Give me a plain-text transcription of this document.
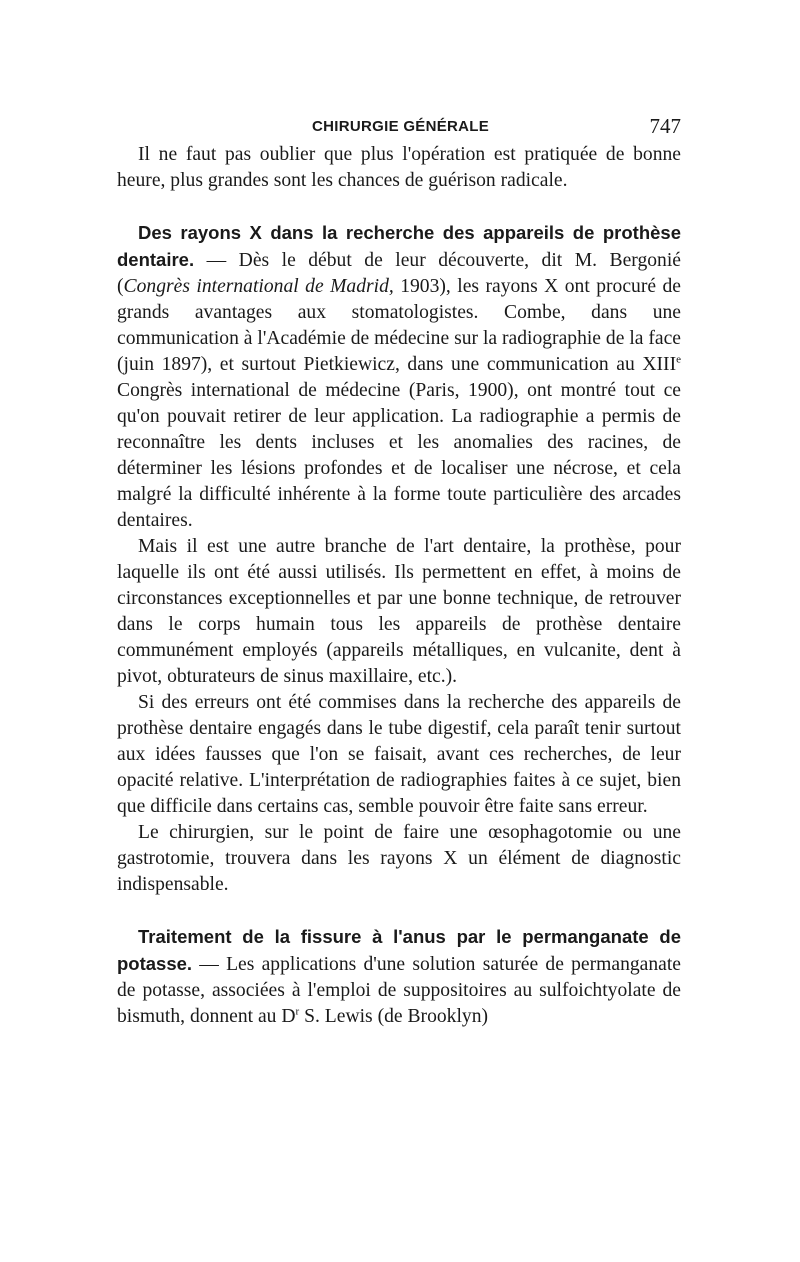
CHIRURGIE GÉNÉRALE	747

Il ne faut pas oublier que plus l'opération est pratiquée de bonne heure, plus grandes sont les chances de guérison radicale.

Des rayons X dans la recherche des appareils de prothèse dentaire. — Dès le début de leur découverte, dit M. Bergonié (Congrès international de Madrid, 1903), les rayons X ont procuré de grands avantages aux stomatologistes. Combe, dans une communication à l'Académie de médecine sur la radiographie de la face (juin 1897), et surtout Pietkiewicz, dans une communication au XIIIe Congrès international de médecine (Paris, 1900), ont montré tout ce qu'on pouvait retirer de leur application. La radiographie a permis de reconnaître les dents incluses et les anomalies des racines, de déterminer les lésions profondes et de localiser une nécrose, et cela malgré la difficulté inhérente à la forme toute particulière des arcades dentaires.

Mais il est une autre branche de l'art dentaire, la prothèse, pour laquelle ils ont été aussi utilisés. Ils permettent en effet, à moins de circonstances exceptionnelles et par une bonne technique, de retrouver dans le corps humain tous les appareils de prothèse dentaire communément employés (appareils métalliques, en vulcanite, dent à pivot, obturateurs de sinus maxillaire, etc.).

Si des erreurs ont été commises dans la recherche des appareils de prothèse dentaire engagés dans le tube digestif, cela paraît tenir surtout aux idées fausses que l'on se faisait, avant ces recherches, de leur opacité relative. L'interprétation de radiographies faites à ce sujet, bien que difficile dans certains cas, semble pouvoir être faite sans erreur.

Le chirurgien, sur le point de faire une œsophagotomie ou une gastrotomie, trouvera dans les rayons X un élément de diagnostic indispensable.

Traitement de la fissure à l'anus par le permanganate de potasse. — Les applications d'une solution saturée de permanganate de potasse, associées à l'emploi de suppositoires au sulfoichtyolate de bismuth, donnent au $D^r$ S. Lewis (de Brooklyn)
